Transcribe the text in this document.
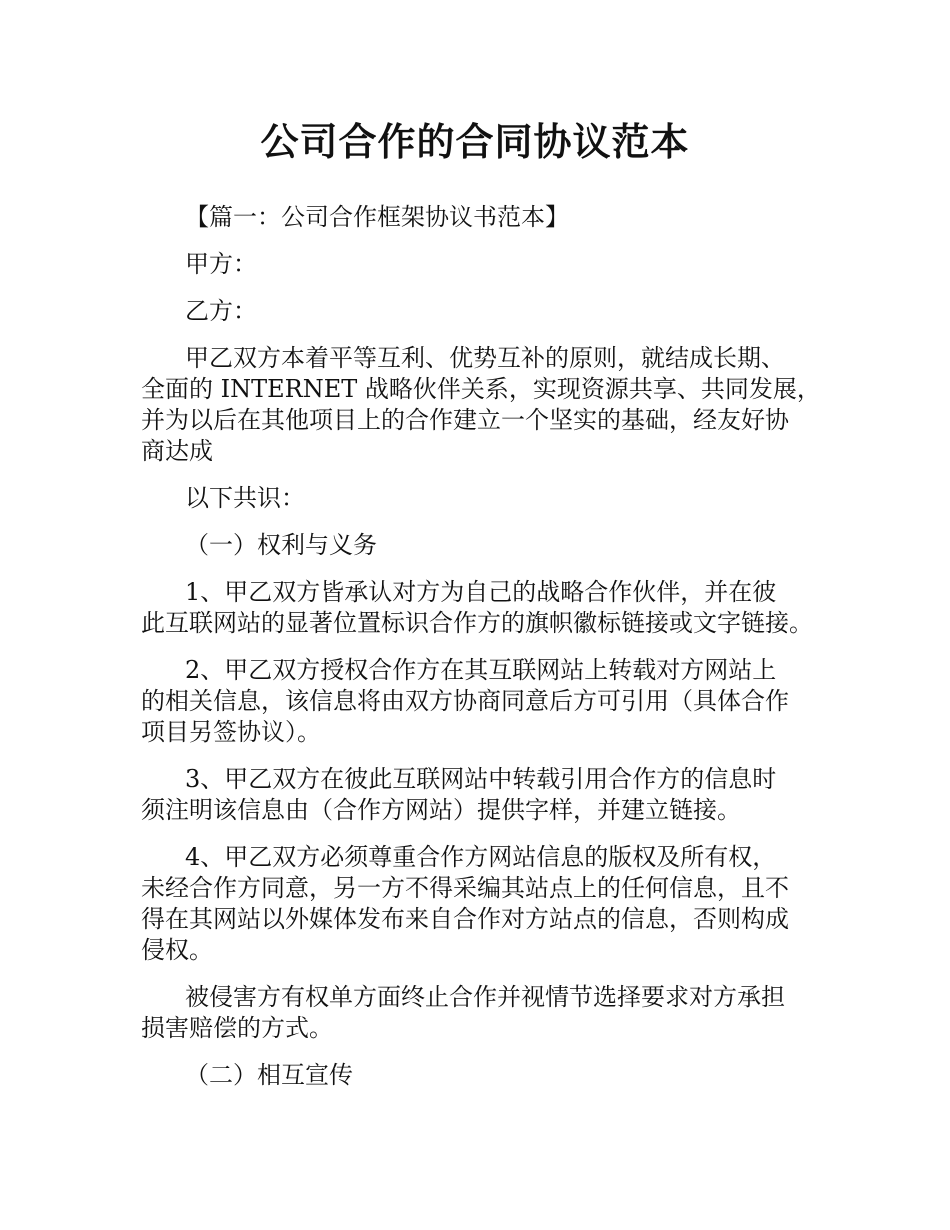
公司合作的合同协议范本

【篇一：公司合作框架协议书范本】

甲方：

乙方：

甲乙双方本着平等互利、优势互补的原则，就结成长期、
全面的 INTERNET 战略伙伴关系，实现资源共享、共同发展，
并为以后在其他项目上的合作建立一个坚实的基础，经友好协
商达成

以下共识：

（一）权利与义务

1、甲乙双方皆承认对方为自己的战略合作伙伴，并在彼
此互联网站的显著位置标识合作方的旗帜徽标链接或文字链接。

2、甲乙双方授权合作方在其互联网站上转载对方网站上
的相关信息，该信息将由双方协商同意后方可引用（具体合作
项目另签协议）。

3、甲乙双方在彼此互联网站中转载引用合作方的信息时
须注明该信息由（合作方网站）提供字样，并建立链接。

4、甲乙双方必须尊重合作方网站信息的版权及所有权，
未经合作方同意，另一方不得采编其站点上的任何信息，且不
得在其网站以外媒体发布来自合作对方站点的信息，否则构成
侵权。

被侵害方有权单方面终止合作并视情节选择要求对方承担
损害赔偿的方式。

（二）相互宣传
